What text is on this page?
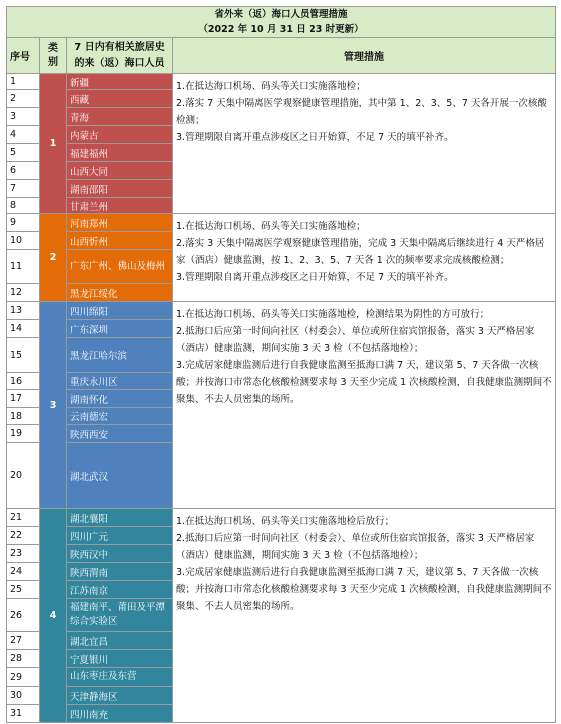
省外来（返）海口人员管理措施			
（2022 年 10 月 31 日 23 时更新）			
序号	类别	7 日内有相关旅居史的来（返）海口人员	管理措施
1	1	新疆	1.在抵达海口机场、码头等关口实施落地检；
2.落实 7 天集中隔离医学观察健康管理措施，其中第 1、2、3、5、7 天各开展一次核酸检测；
3.管理期限自离开重点涉疫区之日开始算，不足 7 天的填平补齐。

2		西藏	
3		青海	
4		内蒙古	
5		福建福州	
6		山西大同	
7		湖南邵阳	
8		甘肃兰州	
9	2	河南郑州	1.在抵达海口机场、码头等关口实施落地检；
2.落实 3 天集中隔离医学观察健康管理措施，完成 3 天集中隔离后继续进行 4 天严格居家（酒店）健康监测，按 1、2、3、5、7 天各 1 次的频率要求完成核酸检测；
3.管理期限自离开重点涉疫区之日开始算，不足 7 天的填平补齐。

10		山西忻州	
11		广东广州、佛山及梅州	
12		黑龙江绥化	
13	3	四川绵阳	1.在抵达海口机场、码头等关口实施落地检，检测结果为阴性的方可放行；
2.抵海口后应第一时间向社区（村委会）、单位或所住宿宾馆报备，落实 3 天严格居家（酒店）健康监测，期间实施 3 天 3 检（不包括落地检）；
3.完成居家健康监测后进行自我健康监测至抵海口满 7 天，建议第 5、7 天各做一次核酸；并按海口市常态化核酸检测要求每 3 天至少完成 1 次核酸检测，自我健康监测期间不聚集、不去人员密集的场所。

14		广东深圳	
15		黑龙江哈尔滨	
16		重庆永川区	
17		湖南怀化	
18		云南德宏	
19		陕西西安	
20		湖北武汉	
21	4	湖北襄阳	1.在抵达海口机场、码头等关口实施落地检后放行；
2.抵海口后应第一时间向社区（村委会）、单位或所住宿宾馆报备，落实 3 天严格居家（酒店）健康监测，期间实施 3 天 3 检（不包括落地检）；
3.完成居家健康监测后进行自我健康监测至抵海口满 7 天，建议第 5、7 天各做一次核酸；并按海口市常态化核酸检测要求每 3 天至少完成 1 次核酸检测，自我健康监测期间不聚集、不去人员密集的场所。

22		四川广元	
23		陕西汉中	
24		陕西渭南	
25		江苏南京	
26		福建南平、莆田及平潭综合实验区	
27		湖北宜昌	
28		宁夏银川	
29		山东枣庄及东营	
30		天津静海区	
31		四川南充	
